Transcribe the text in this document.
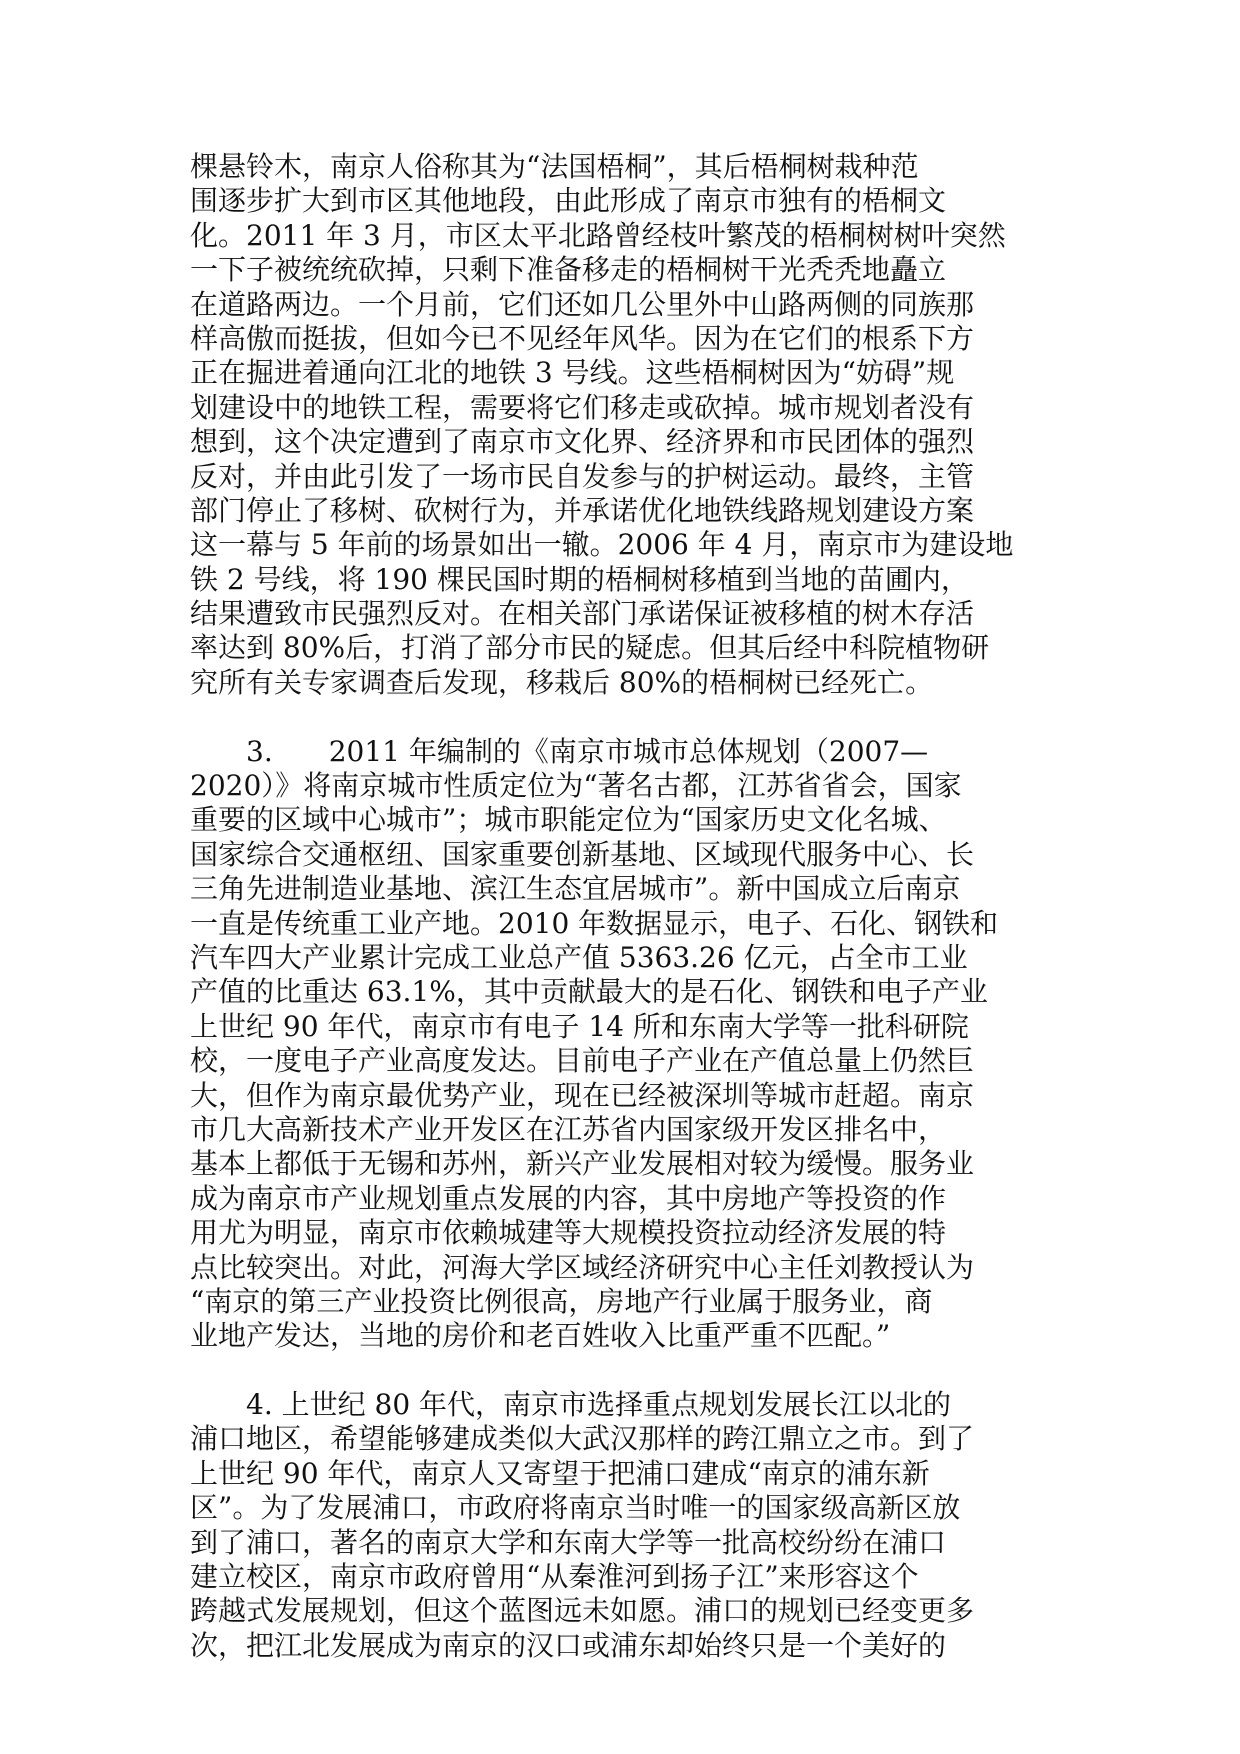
棵悬铃木，南京人俗称其为“法国梧桐”，其后梧桐树栽种范
围逐步扩大到市区其他地段，由此形成了南京市独有的梧桐文
化。2011 年 3 月，市区太平北路曾经枝叶繁茂的梧桐树树叶突然
一下子被统统砍掉，只剩下准备移走的梧桐树干光秃秃地矗立
在道路两边。一个月前，它们还如几公里外中山路两侧的同族那
样高傲而挺拔，但如今已不见经年风华。因为在它们的根系下方
正在掘进着通向江北的地铁 3 号线。这些梧桐树因为“妨碍”规
划建设中的地铁工程，需要将它们移走或砍掉。城市规划者没有
想到，这个决定遭到了南京市文化界、经济界和市民团体的强烈
反对，并由此引发了一场市民自发参与的护树运动。最终，主管
部门停止了移树、砍树行为，并承诺优化地铁线路规划建设方案
这一幕与 5 年前的场景如出一辙。2006 年 4 月，南京市为建设地
铁 2 号线，将 190 棵民国时期的梧桐树移植到当地的苗圃内，
结果遭致市民强烈反对。在相关部门承诺保证被移植的树木存活
率达到 80%后，打消了部分市民的疑虑。但其后经中科院植物研
究所有关专家调查后发现，移栽后 80%的梧桐树已经死亡。
　　3.　　2011 年编制的《南京市城市总体规划（2007—
2020）》将南京城市性质定位为“著名古都，江苏省省会，国家
重要的区域中心城市”；城市职能定位为“国家历史文化名城、
国家综合交通枢纽、国家重要创新基地、区域现代服务中心、长
三角先进制造业基地、滨江生态宜居城市”。新中国成立后南京
一直是传统重工业产地。2010 年数据显示，电子、石化、钢铁和
汽车四大产业累计完成工业总产值 5363.26 亿元，占全市工业
产值的比重达 63.1%，其中贡献最大的是石化、钢铁和电子产业
上世纪 90 年代，南京市有电子 14 所和东南大学等一批科研院
校，一度电子产业高度发达。目前电子产业在产值总量上仍然巨
大，但作为南京最优势产业，现在已经被深圳等城市赶超。南京
市几大高新技术产业开发区在江苏省内国家级开发区排名中，
基本上都低于无锡和苏州，新兴产业发展相对较为缓慢。服务业
成为南京市产业规划重点发展的内容，其中房地产等投资的作
用尤为明显，南京市依赖城建等大规模投资拉动经济发展的特
点比较突出。对此，河海大学区域经济研究中心主任刘教授认为
“南京的第三产业投资比例很高，房地产行业属于服务业，商
业地产发达，当地的房价和老百姓收入比重严重不匹配。”
　　4. 上世纪 80 年代，南京市选择重点规划发展长江以北的
浦口地区，希望能够建成类似大武汉那样的跨江鼎立之市。到了
上世纪 90 年代，南京人又寄望于把浦口建成“南京的浦东新
区”。为了发展浦口，市政府将南京当时唯一的国家级高新区放
到了浦口，著名的南京大学和东南大学等一批高校纷纷在浦口
建立校区，南京市政府曾用“从秦淮河到扬子江”来形容这个
跨越式发展规划，但这个蓝图远未如愿。浦口的规划已经变更多
次，把江北发展成为南京的汉口或浦东却始终只是一个美好的
